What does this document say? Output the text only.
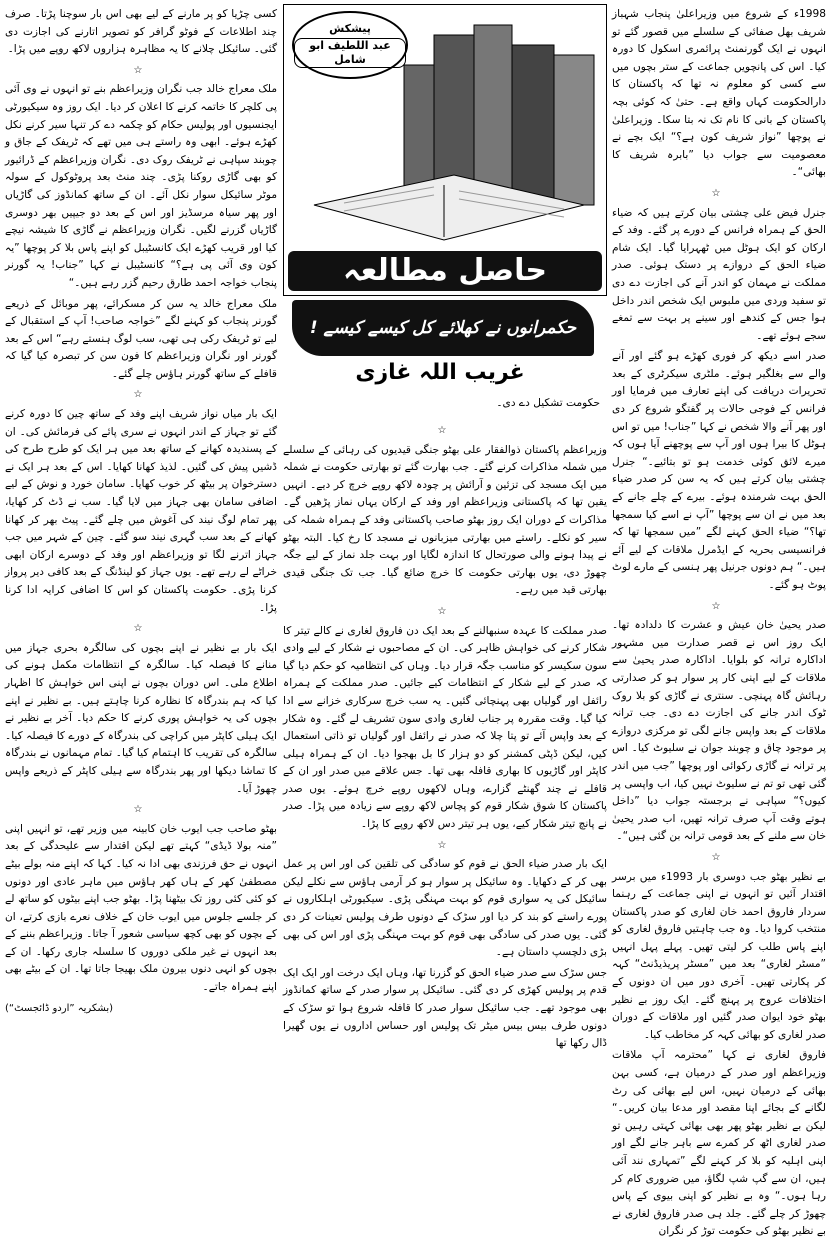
پیشکش
عبد اللطیف ابو شامل
حاصل مطالعہ
حکمرانوں نے کھلائے کل کیسے کیسے !
غریب اللہ غازی
حکومت تشکیل دے دی۔

1998ء کے شروع میں وزیراعلیٰ پنجاب شہباز شریف بھل صفائی کے سلسلے میں قصور گئے تو انہوں نے ایک گورنمنٹ پرائمری اسکول کا دورہ کیا۔ اس کی پانچویں جماعت کے ستر بچوں میں سے کسی کو معلوم نہ تھا کہ پاکستان کا دارالحکومت کہاں واقع ہے۔ حتیٰ کہ کوئی بچہ پاکستان کے بانی کا نام تک نہ بتا سکا۔ وزیراعلیٰ نے پوچھا ”نواز شریف کون ہے؟“ ایک بچے نے معصومیت سے جواب دیا ”بابرہ شریف کا بھائی“۔

☆

جنرل فیض علی چشتی بیان کرتے ہیں کہ ضیاء الحق کے ہمراہ فرانس کے دورے پر گئے۔ وفد کے ارکان کو ایک ہوٹل میں ٹھہرایا گیا۔ ایک شام ضیاء الحق کے دروازے پر دستک ہوئی۔ صدر مملکت نے مہمان کو اندر آنے کی اجازت دے دی تو سفید وردی میں ملبوس ایک شخص اندر داخل ہوا جس کے کندھے اور سینے پر بہت سے تمغے سجے ہوئے تھے۔

صدر اسے دیکھ کر فوری کھڑے ہو گئے اور آنے والے سے بغلگیر ہوئے۔ ملٹری سیکرٹری کے بعد تحریرات دریافت کی اپنے تعارف میں فرمایا اور فرانس کے فوجی حالات پر گفتگو شروع کر دی اور پھر آنے والا شخص نے کہا ”جناب! میں تو اس ہوٹل کا بیرا ہوں اور آپ سے پوچھنے آیا ہوں کہ میرے لائق کوئی خدمت ہو تو بتائیے۔“ جنرل چشتی بیان کرتے ہیں کہ یہ سن کر صدر ضیاء الحق بہت شرمندہ ہوئے۔ بیرے کے چلے جانے کے بعد میں نے ان سے پوچھا ”آپ نے اسے کیا سمجھا تھا؟“ ضیاء الحق کہنے لگے ”میں سمجھا تھا کہ فرانسیسی بحریہ کے ایڈمرل ملاقات کے لیے آئے ہیں۔“ ہم دونوں جرنیل پھر ہنسی کے مارے لوٹ پوٹ ہو گئے۔

☆

صدر یحییٰ خان عیش و عشرت کا دلدادہ تھا۔ ایک روز اس نے قصر صدارت میں مشہور اداکارہ ترانہ کو بلوایا۔ اداکارہ صدر یحییٰ سے ملاقات کے لیے اپنی کار پر سوار ہو کر صدارتی رہائش گاہ پہنچی۔ سنتری نے گاڑی کو بلا روک ٹوک اندر جانے کی اجازت دے دی۔ جب ترانہ ملاقات کے بعد واپس جانے لگی تو مرکزی دروازے پر موجود چاق و چوبند جوان نے سلیوٹ کیا۔ اس پر ترانہ نے گاڑی رکوائی اور پوچھا ”جب میں اندر گئی تھی تو تم نے سلیوٹ نہیں کیا، اب واپسی پر کیوں؟“ سپاہی نے برجستہ جواب دیا ”داخل ہوتے وقت آپ صرف ترانہ تھیں، اب صدر یحییٰ خان سے ملنے کے بعد قومی ترانہ بن گئی ہیں“۔

☆

بے نظیر بھٹو جب دوسری بار 1993ء میں برسر اقتدار آئیں تو انہوں نے اپنی جماعت کے رہنما سردار فاروق احمد خان لغاری کو صدر پاکستان منتخب کروا دیا۔ وہ جب چاہتیں فاروق لغاری کو اپنے پاس طلب کر لیتی تھیں۔ پہلے پہل انہیں ”مسٹر لغاری“ بعد میں ”مسٹر پریذیڈنٹ“ کہہ کر پکارتی تھیں۔ آخری دور میں ان دونوں کے اختلافات عروج پر پہنچ گئے۔ ایک روز بے نظیر بھٹو خود ایوان صدر گئیں اور ملاقات کے دوران صدر لغاری کو بھائی کہہ کر مخاطب کیا۔

فاروق لغاری نے کہا ”محترمہ آپ ملاقات وزیراعظم اور صدر کے درمیان ہے، کسی بہن بھائی کے درمیان نہیں، اس لیے بھائی کی رٹ لگانے کے بجائے اپنا مقصد اور مدعا بیان کریں۔“ لیکن بے نظیر بھٹو پھر بھی بھائی کہتی رہیں تو صدر لغاری اٹھ کر کمرے سے باہر جانے لگے اور اپنی اہلیہ کو بلا کر کہنے لگے ”تمہاری نند آئی ہیں، ان سے گپ شپ لگاؤ، میں ضروری کام کر رہا ہوں۔“ وہ بے نظیر کو اپنی بیوی کے پاس چھوڑ کر چلے گئے۔ جلد ہی صدر فاروق لغاری نے بے نظیر بھٹو کی حکومت توڑ کر نگران

☆

وزیراعظم پاکستان ذوالفقار علی بھٹو جنگی قیدیوں کی رہائی کے سلسلے میں شملہ مذاکرات کرنے گئے۔ جب بھارت گئے تو بھارتی حکومت نے شملہ میں ایک مسجد کی تزئین و آرائش پر چودہ لاکھ روپے خرچ کر دیے۔ انہیں یقین تھا کہ پاکستانی وزیراعظم اور وفد کے ارکان یہاں نماز پڑھیں گے۔ مذاکرات کے دوران ایک روز بھٹو صاحب پاکستانی وفد کے ہمراہ شملہ کی سیر کو نکلے۔ راستے میں بھارتی میزبانوں نے مسجد کا رخ کیا۔ البتہ بھٹو نے پیدا ہونے والی صورتحال کا اندازہ لگایا اور بہت جلد نماز کے لیے جگہ چھوڑ دی، یوں بھارتی حکومت کا خرچ ضائع گیا۔ جب تک جنگی قیدی بھارتی قید میں رہے۔

☆

صدر مملکت کا عہدہ سنبھالنے کے بعد ایک دن فاروق لغاری نے کالے تیتر کا شکار کرنے کی خواہش ظاہر کی۔ ان کے مصاحبوں نے شکار کے لیے وادی سون سکیسر کو مناسب جگہ قرار دیا۔ وہاں کی انتظامیہ کو حکم دیا گیا کہ صدر کے لیے شکار کے انتظامات کیے جائیں۔ صدر مملکت کے ہمراہ رائفل اور گولیاں بھی پہنچائی گئیں۔ یہ سب خرچ سرکاری خزانے سے ادا کیا گیا۔ وقت مقررہ پر جناب لغاری وادی سون تشریف لے گئے۔ وہ شکار کے بعد واپس آئے تو پتا چلا کہ صدر نے رائفل اور گولیاں تو ذاتی استعمال کیں، لیکن ڈپٹی کمشنر کو دو ہزار کا بل بھجوا دیا۔ ان کے ہمراہ ہیلی کاپٹر اور گاڑیوں کا بھاری قافلہ بھی تھا۔ جس علاقے میں صدر اور ان کے قافلے نے چند گھنٹے گزارے، وہاں لاکھوں روپے خرچ ہوئے۔ یوں صدر پاکستان کا شوق شکار قوم کو پچاس لاکھ روپے سے زیادہ میں پڑا۔ صدر نے پانچ تیتر شکار کیے، یوں ہر تیتر دس لاکھ روپے کا پڑا۔

☆

ایک بار صدر ضیاء الحق نے قوم کو سادگی کی تلقین کی اور اس پر عمل بھی کر کے دکھایا۔ وہ سائیکل پر سوار ہو کر آرمی ہاؤس سے نکلے لیکن سائیکل کی یہ سواری قوم کو بہت مہنگی پڑی۔ سیکیورٹی اہلکاروں نے پورے راستے کو بند کر دیا اور سڑک کے دونوں طرف پولیس تعینات کر دی گئی۔ یوں صدر کی سادگی بھی قوم کو بہت مہنگی پڑی اور اس کی بھی بڑی دلچسپ داستان ہے۔

جس سڑک سے صدر ضیاء الحق کو گزرنا تھا، وہاں ایک درخت اور ایک ایک قدم پر پولیس کھڑی کر دی گئی۔ سائیکل پر سوار صدر کے ساتھ کمانڈوز بھی موجود تھے۔ جب سائیکل سوار صدر کا قافلہ شروع ہوا تو سڑک کے دونوں طرف بیس بیس میٹر تک پولیس اور حساس اداروں نے یوں گھیرا ڈال رکھا تھا

کسی چڑیا کو پر مارنے کے لیے بھی اس بار سوچنا پڑتا۔ صرف چند اطلاعات کے فوٹو گرافر کو تصویر اتارنے کی اجازت دی گئی۔ سائیکل چلانے کا یہ مظاہرہ ہزاروں لاکھ روپے میں پڑا۔

☆

ملک معراج خالد جب نگران وزیراعظم بنے تو انہوں نے وی آئی پی کلچر کا خاتمہ کرنے کا اعلان کر دیا۔ ایک روز وہ سیکیورٹی ایجنسیوں اور پولیس حکام کو چکمہ دے کر تنہا سیر کرنے نکل کھڑے ہوئے۔ ابھی وہ راستے ہی میں تھے کہ ٹریفک کے جاق و چوبند سپاہی نے ٹریفک روک دی۔ نگران وزیراعظم کے ڈرائیور کو بھی گاڑی روکنا پڑی۔ چند منٹ بعد پروٹوکول کے سولہ موٹر سائیکل سوار نکل آئے۔ ان کے ساتھ کمانڈوز کی گاڑیاں اور پھر سیاہ مرسڈیز اور اس کے بعد دو جیپیں بھر دوسری گاڑیاں گزرنے لگیں۔ نگران وزیراعظم نے گاڑی کا شیشہ نیچے کیا اور قریب کھڑے ایک کانسٹیبل کو اپنے پاس بلا کر پوچھا ”یہ کون وی آئی پی ہے؟“ کانسٹیبل نے کہا ”جناب! یہ گورنر پنجاب خواجہ احمد طارق رحیم گزر رہے ہیں۔“

ملک معراج خالد یہ سن کر مسکرائے، پھر موبائل کے ذریعے گورنر پنجاب کو کہنے لگے ”خواجہ صاحب! آپ کے استقبال کے لیے تو ٹریفک رکی ہی تھی، سب لوگ ہنستے رہے“ اس کے بعد گورنر اور نگران وزیراعظم کا فون سن کر تبصرہ کیا گیا کہ قافلے کے ساتھ گورنر ہاؤس چلے گئے۔

☆

ایک بار میاں نواز شریف اپنے وفد کے ساتھ چین کا دورہ کرنے گئے تو جہاز کے اندر انہوں نے سری پائے کی فرمائش کی۔ ان کے پسندیدہ کھانے کے ساتھ بعد میں ہر ایک کو طرح طرح کی ڈشیں پیش کی گئیں۔ لذیذ کھانا کھایا۔ اس کے بعد ہر ایک نے دسترخوان پر بیٹھ کر خوب کھایا۔ سامان خورد و نوش کے لیے اضافی سامان بھی جہاز میں لایا گیا۔ سب نے ڈٹ کر کھایا، پھر تمام لوگ نیند کی آغوش میں چلے گئے۔ پیٹ بھر کر کھانا کھانے کے بعد سب گہری نیند سو گئے۔ چین کے شہر میں جب جہاز اترنے لگا تو وزیراعظم اور وفد کے دوسرے ارکان ابھی خراٹے لے رہے تھے۔ یوں جہاز کو لینڈنگ کے بعد کافی دیر پرواز کرنا پڑی۔ حکومت پاکستان کو اس کا اضافی کرایہ ادا کرنا پڑا۔

☆

ایک بار بے نظیر نے اپنے بچوں کی سالگرہ بحری جہاز میں منانے کا فیصلہ کیا۔ سالگرہ کے انتظامات مکمل ہونے کی اطلاع ملی۔ اس دوران بچوں نے اپنی اس خواہش کا اظہار کیا کہ ہم بندرگاہ کا نظارہ کرنا چاہتے ہیں۔ بے نظیر نے اپنے بچوں کی یہ خواہش پوری کرنے کا حکم دیا۔ آخر بے نظیر نے ایک ہیلی کاپٹر میں کراچی کی بندرگاہ کے دورے کا فیصلہ کیا۔ سالگرہ کی تقریب کا اہتمام کیا گیا۔ تمام مہمانوں نے بندرگاہ کا تماشا دیکھا اور پھر بندرگاہ سے ہیلی کاپٹر کے ذریعے واپس چھوڑ آیا۔

☆

بھٹو صاحب جب ایوب خان کابینہ میں وزیر تھے، تو انہیں اپنی ”منہ بولا ڈیڈی“ کہتے تھے لیکن اقتدار سے علیحدگی کے بعد انہوں نے حق فرزندی بھی ادا نہ کیا۔ کہا کہ اپنے منہ بولے بیٹے مصطفیٰ کھر کے ہاں کھر ہاؤس میں ماہر عادی اور دونوں کو کئی کئی روز تک بیٹھنا پڑا۔ بھٹو جب اپنے بیٹوں کو ساتھ لے کر جلسے جلوس میں ایوب خان کے خلاف نعرے بازی کرتے، ان کے بچوں کو بھی کچھ سیاسی شعور آ جاتا۔ وزیراعظم بننے کے بعد انہوں نے غیر ملکی دوروں کا سلسلہ جاری رکھا۔ ان کے بچوں کو انہی دنوں بیرون ملک بھیجا جاتا تھا۔ ان کے بیٹے بھی اپنے ہمراہ جاتے۔

(بشکریہ ”اردو ڈائجسٹ“)
